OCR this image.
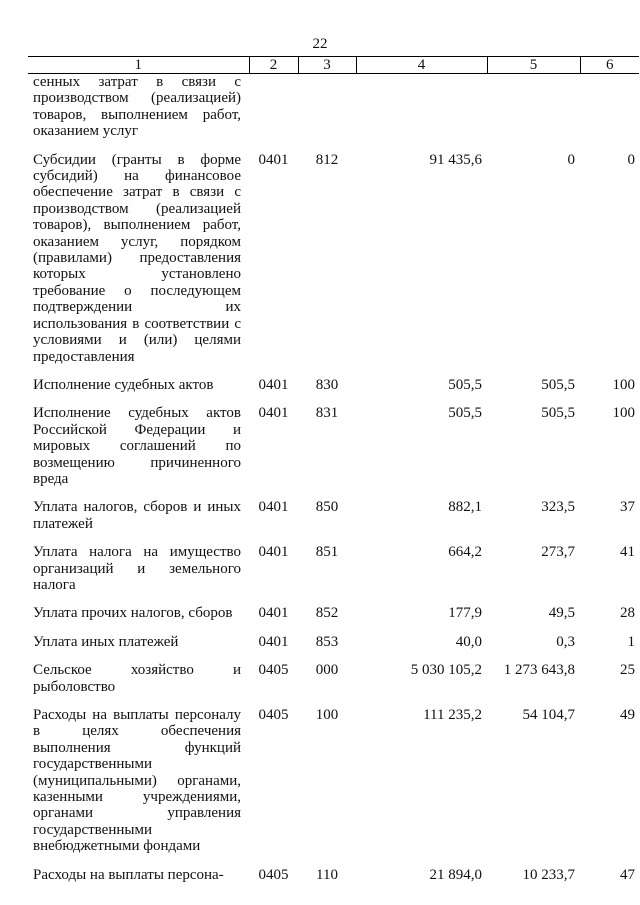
22
1	2	3	4	5	6
сенных затрат в связи с производством (реализацией) товаров, выполнением работ, оказанием услуг					
Субсидии (гранты в форме субсидий) на финансовое обеспечение затрат в связи с производством (реализацией товаров), выполнением работ, оказанием услуг, порядком (правилами) предоставления которых установлено требование о последующем подтверждении их использования в соответствии с условиями и (или) целями предоставления	0401	812	91 435,6	0	0
Исполнение судебных актов	0401	830	505,5	505,5	100
Исполнение судебных актов Российской Федерации и мировых соглашений по возмещению причиненного вреда	0401	831	505,5	505,5	100
Уплата налогов, сборов и иных платежей	0401	850	882,1	323,5	37
Уплата налога на имущество организаций и земельного налога	0401	851	664,2	273,7	41
Уплата прочих налогов, сборов	0401	852	177,9	49,5	28
Уплата иных платежей	0401	853	40,0	0,3	1
Сельское хозяйство и рыболовство	0405	000	5 030 105,2	1 273 643,8	25
Расходы на выплаты персоналу в целях обеспечения выполнения функций государственными (муниципальными) органами, казенными учреждениями, органами управления государственными внебюджетными фондами	0405	100	111 235,2	54 104,7	49
Расходы на выплаты персона-	0405	110	21 894,0	10 233,7	47
